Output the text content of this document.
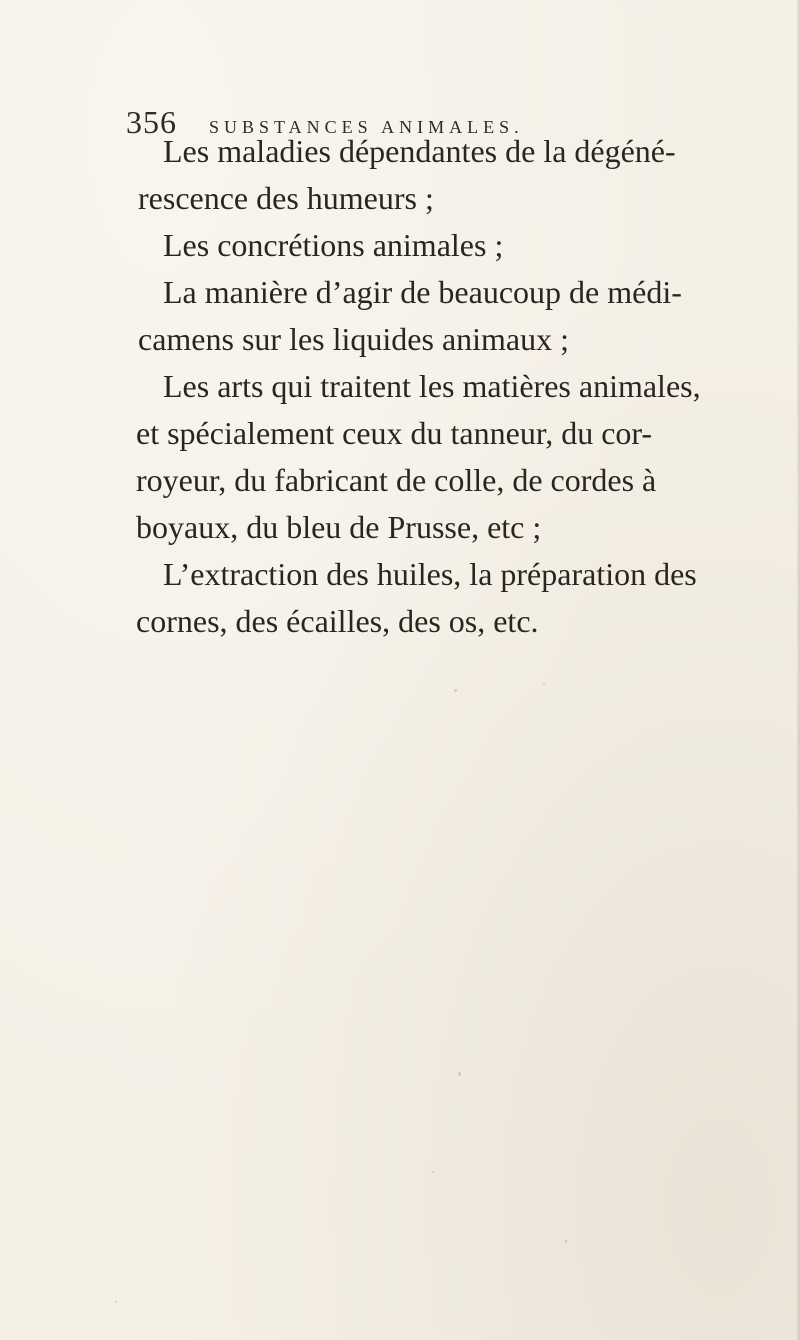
356 SUBSTANCES ANIMALES.
Les maladies dépendantes de la dégéné-
rescence des humeurs ;
Les concrétions animales ;
La manière d’agir de beaucoup de médi-
camens sur les liquides animaux ;
Les arts qui traitent les matières animales,
et spécialement ceux du tanneur, du cor-
royeur, du fabricant de colle, de cordes à
boyaux, du bleu de Prusse, etc ;
L’extraction des huiles, la préparation des
cornes, des écailles, des os, etc.
